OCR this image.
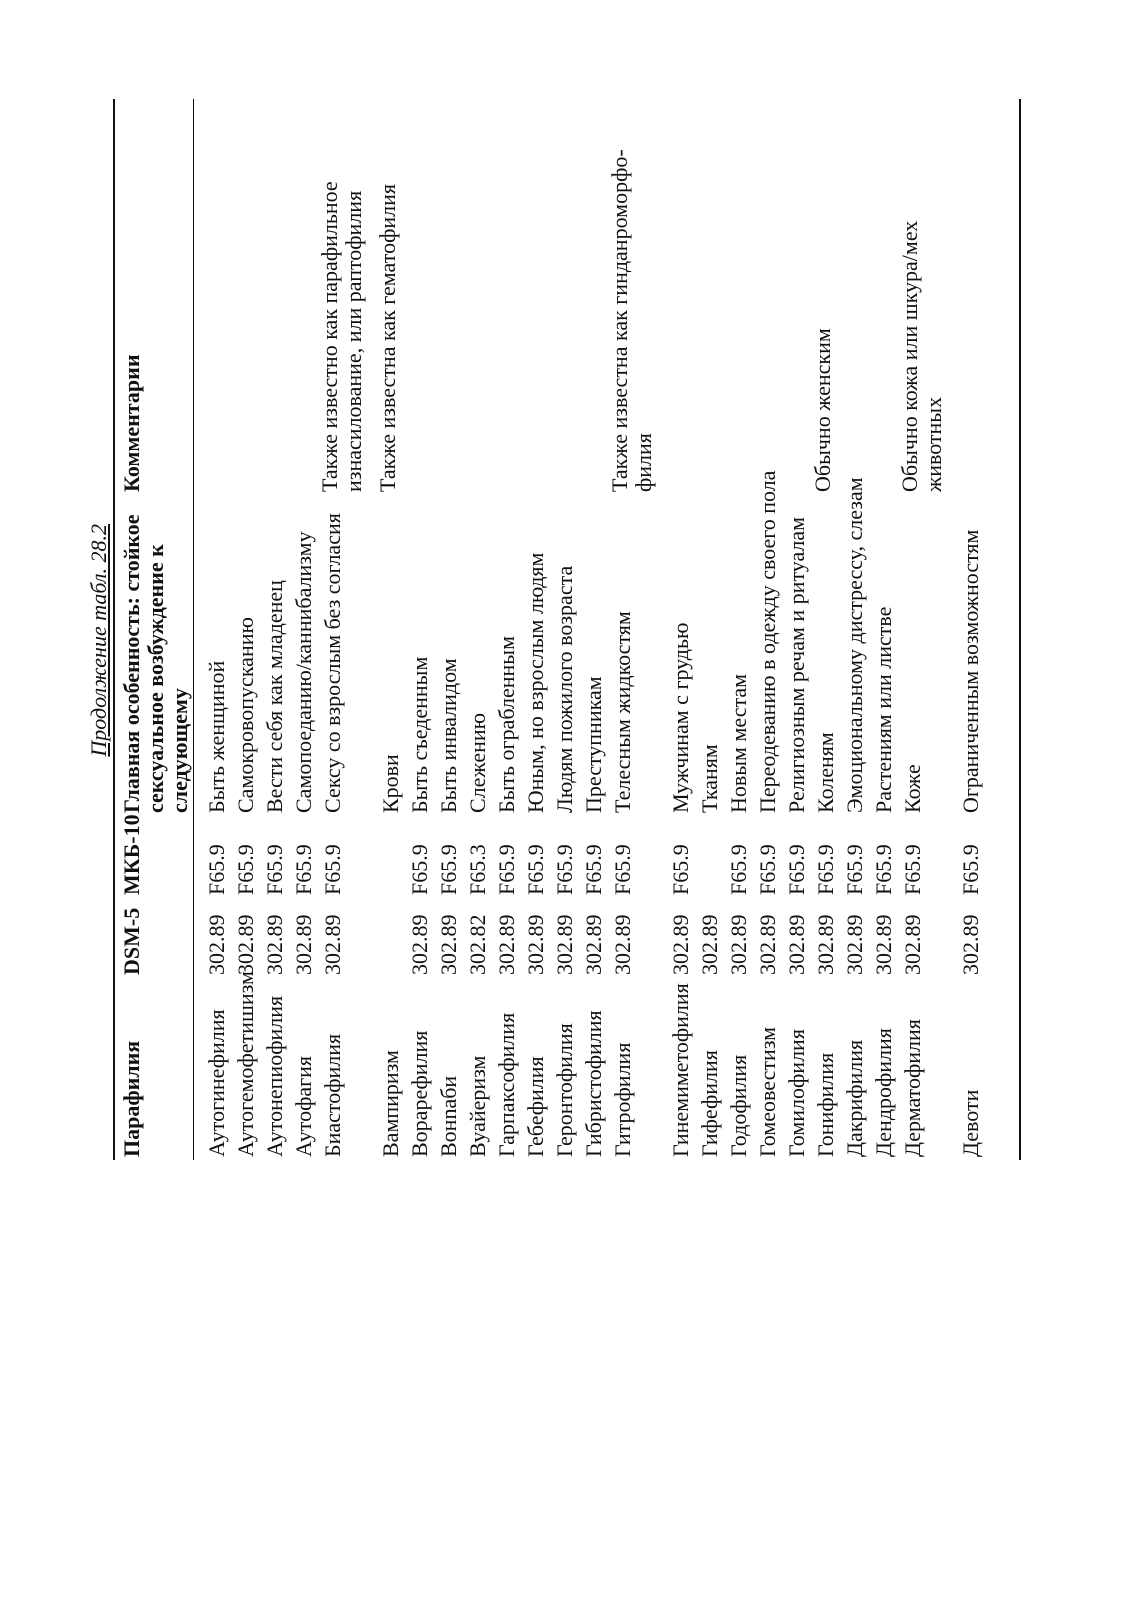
Продолжение табл. 28.2
Парафилия
DSM-5
МКБ-10
Главная особенность: стойкое сексуальное возбуждение к следующему
Комментарии
Аутогинефилия
302.89
F65.9
Быть женщиной
Аутогемофетишизм
302.89
F65.9
Самокровопусканию
Аутонепиофилия
302.89
F65.9
Вести себя как младенец
Аутофагия
302.89
F65.9
Самопоеданию/каннибализму
Биастофилия
302.89
F65.9
Сексу со взрослым без согласия
Также известно как парафильное изнасилование, или раптофилия
Вампиризм
Крови
Также известна как гематофилия
Ворарефилия
302.89
F65.9
Быть съеденным
Вонnаби
302.89
F65.9
Быть инвалидом
Вуайеризм
302.82
F65.3
Слежению
Гарпаксофилия
302.89
F65.9
Быть ограбленным
Гебефилия
302.89
F65.9
Юным, но взрослым людям
Геронтофилия
302.89
F65.9
Людям пожилого возраста
Гибристофилия
302.89
F65.9
Преступникам
Гитрофилия
302.89
F65.9
Телесным жидкостям
Также известна как гинданроморфо-филия
Гинемиметофилия
302.89
F65.9
Мужчинам с грудью
Гифефилия
302.89
Тканям
Годофилия
302.89
F65.9
Новым местам
Гомеовестизм
302.89
F65.9
Переодеванию в одежду своего пола
Гомилофилия
302.89
F65.9
Религиозным речам и ритуалам
Гонифилия
302.89
F65.9
Коленям
Обычно женским
Дакрифилия
302.89
F65.9
Эмоциональному дистрессу, слезам
Дендрофилия
302.89
F65.9
Растениям или листве
Дерматофилия
302.89
F65.9
Коже
Обычно кожа или шкура/мех животных
Девоти
302.89
F65.9
Ограниченным возможностям
